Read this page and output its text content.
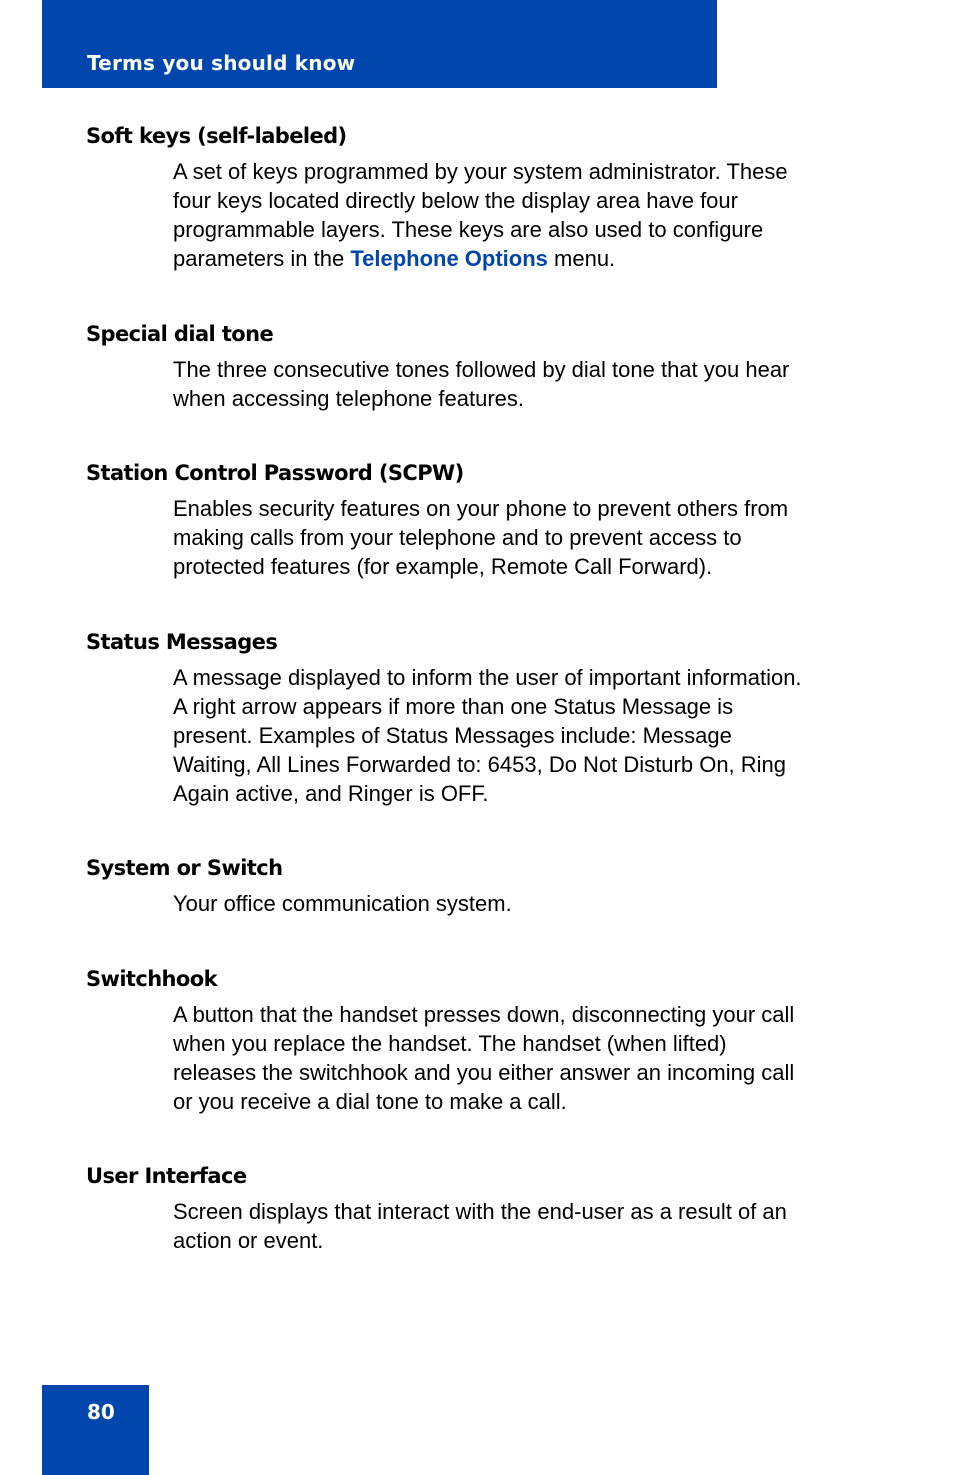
Terms you should know
Soft keys (self-labeled)

A set of keys programmed by your system administrator. These
four keys located directly below the display area have four
programmable layers. These keys are also used to configure
parameters in the Telephone Options menu.

Special dial tone

The three consecutive tones followed by dial tone that you hear
when accessing telephone features.

Station Control Password (SCPW)

Enables security features on your phone to prevent others from
making calls from your telephone and to prevent access to
protected features (for example, Remote Call Forward).

Status Messages

A message displayed to inform the user of important information.
A right arrow appears if more than one Status Message is
present. Examples of Status Messages include: Message
Waiting, All Lines Forwarded to: 6453, Do Not Disturb On, Ring
Again active, and Ringer is OFF.

System or Switch

Your office communication system.

Switchhook

A button that the handset presses down, disconnecting your call
when you replace the handset. The handset (when lifted)
releases the switchhook and you either answer an incoming call
or you receive a dial tone to make a call.

User Interface

Screen displays that interact with the end-user as a result of an
action or event.

80
